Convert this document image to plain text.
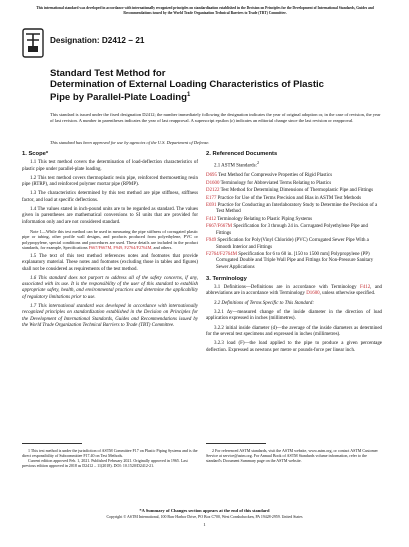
This international standard was developed in accordance with internationally recognized principles on standardization established in the Decision on Principles for the Development of International Standards, Guides and Recommendations issued by the World Trade Organization Technical Barriers to Trade (TBT) Committee.
Designation: D2412 − 21
Standard Test Method for
Determination of External Loading Characteristics of Plastic
Pipe by Parallel-Plate Loading$^1$
This standard is issued under the fixed designation D2412; the number immediately following the designation indicates the year of original adoption or, in the case of revision, the year of last revision. A number in parentheses indicates the year of last reapproval. A superscript epsilon (ε) indicates an editorial change since the last revision or reapproval.
This standard has been approved for use by agencies of the U.S. Department of Defense.
1. Scope*
1.1 This test method covers the determination of load-deflection characteristics of plastic pipe under parallel-plate loading.
1.2 This test method covers thermoplastic resin pipe, reinforced thermosetting resin pipe (RTRP), and reinforced polymer mortar pipe (RPMP).
1.3 The characteristics determined by this test method are pipe stiffness, stiffness factor, and load at specific deflections.
1.4 The values stated in inch-pound units are to be regarded as standard. The values given in parentheses are mathematical conversions to SI units that are provided for information only and are not considered standard.
Note 1—While this test method can be used in measuring the pipe stiffness of corrugated plastic pipe or tubing, other profile wall designs, and products produced from polyethylene, PVC or polypropylene, special conditions and procedures are used. These details are included in the product standards, for example, Specifications F667/F667M, F949, F2764/F2764M, and others.
1.5 The text of this test method references notes and footnotes that provide explanatory material. These notes and footnotes (excluding those in tables and figures) shall not be considered as requirements of the test method.
1.6 This standard does not purport to address all of the safety concerns, if any, associated with its use. It is the responsibility of the user of this standard to establish appropriate safety, health, and environmental practices and determine the applicability of regulatory limitations prior to use.
1.7 This international standard was developed in accordance with internationally recognized principles on standardization established in the Decision on Principles for the Development of International Standards, Guides and Recommendations issued by the World Trade Organization Technical Barriers to Trade (TBT) Committee.
2. Referenced Documents
2.1 ASTM Standards:$^2$
D695 Test Method for Compressive Properties of Rigid Plastics
D1600 Terminology for Abbreviated Terms Relating to Plastics
D2122 Test Method for Determining Dimensions of Thermoplastic Pipe and Fittings
E177 Practice for Use of the Terms Precision and Bias in ASTM Test Methods
E691 Practice for Conducting an Interlaboratory Study to Determine the Precision of a Test Method
F412 Terminology Relating to Plastic Piping Systems
F667/F667M Specification for 3 through 24 in. Corrugated Polyethylene Pipe and Fittings
F949 Specification for Poly(Vinyl Chloride) (PVC) Corrugated Sewer Pipe With a Smooth Interior and Fittings
F2764/F2764M Specification for 6 to 60 in. [150 to 1500 mm] Polypropylene (PP) Corrugated Double and Triple Wall Pipe and Fittings for Non-Pressure Sanitary Sewer Applications
3. Terminology
3.1 Definitions—Definitions are in accordance with Terminology F412, and abbreviations are in accordance with Terminology D1600, unless otherwise specified.
3.2 Definitions of Terms Specific to This Standard:
3.2.1 Δy—measured change of the inside diameter in the direction of load application expressed in inches (millimetres).
3.2.2 initial inside diameter (d)—the average of the inside diameters as determined for the several test specimens and expressed in inches (millimetres).
3.2.3 load (F)—the load applied to the pipe to produce a given percentage deflection. Expressed as newtons per metre or pounds-force per linear inch.
1 This test method is under the jurisdiction of ASTM Committee F17 on Plastic Piping Systems and is the direct responsibility of Subcommittee F17.40 on Test Methods.
Current edition approved Feb. 1, 2021. Published February 2021. Originally approved in 1965. Last previous edition approved in 2018 as D2412 – 11(2018). DOI: 10.1520/D2412-21.
2 For referenced ASTM standards, visit the ASTM website, www.astm.org, or contact ASTM Customer Service at service@astm.org. For Annual Book of ASTM Standards volume information, refer to the standard's Document Summary page on the ASTM website.
*A Summary of Changes section appears at the end of this standard
Copyright © ASTM International, 100 Barr Harbor Drive, PO Box C700, West Conshohocken, PA 19428-2959. United States
1
